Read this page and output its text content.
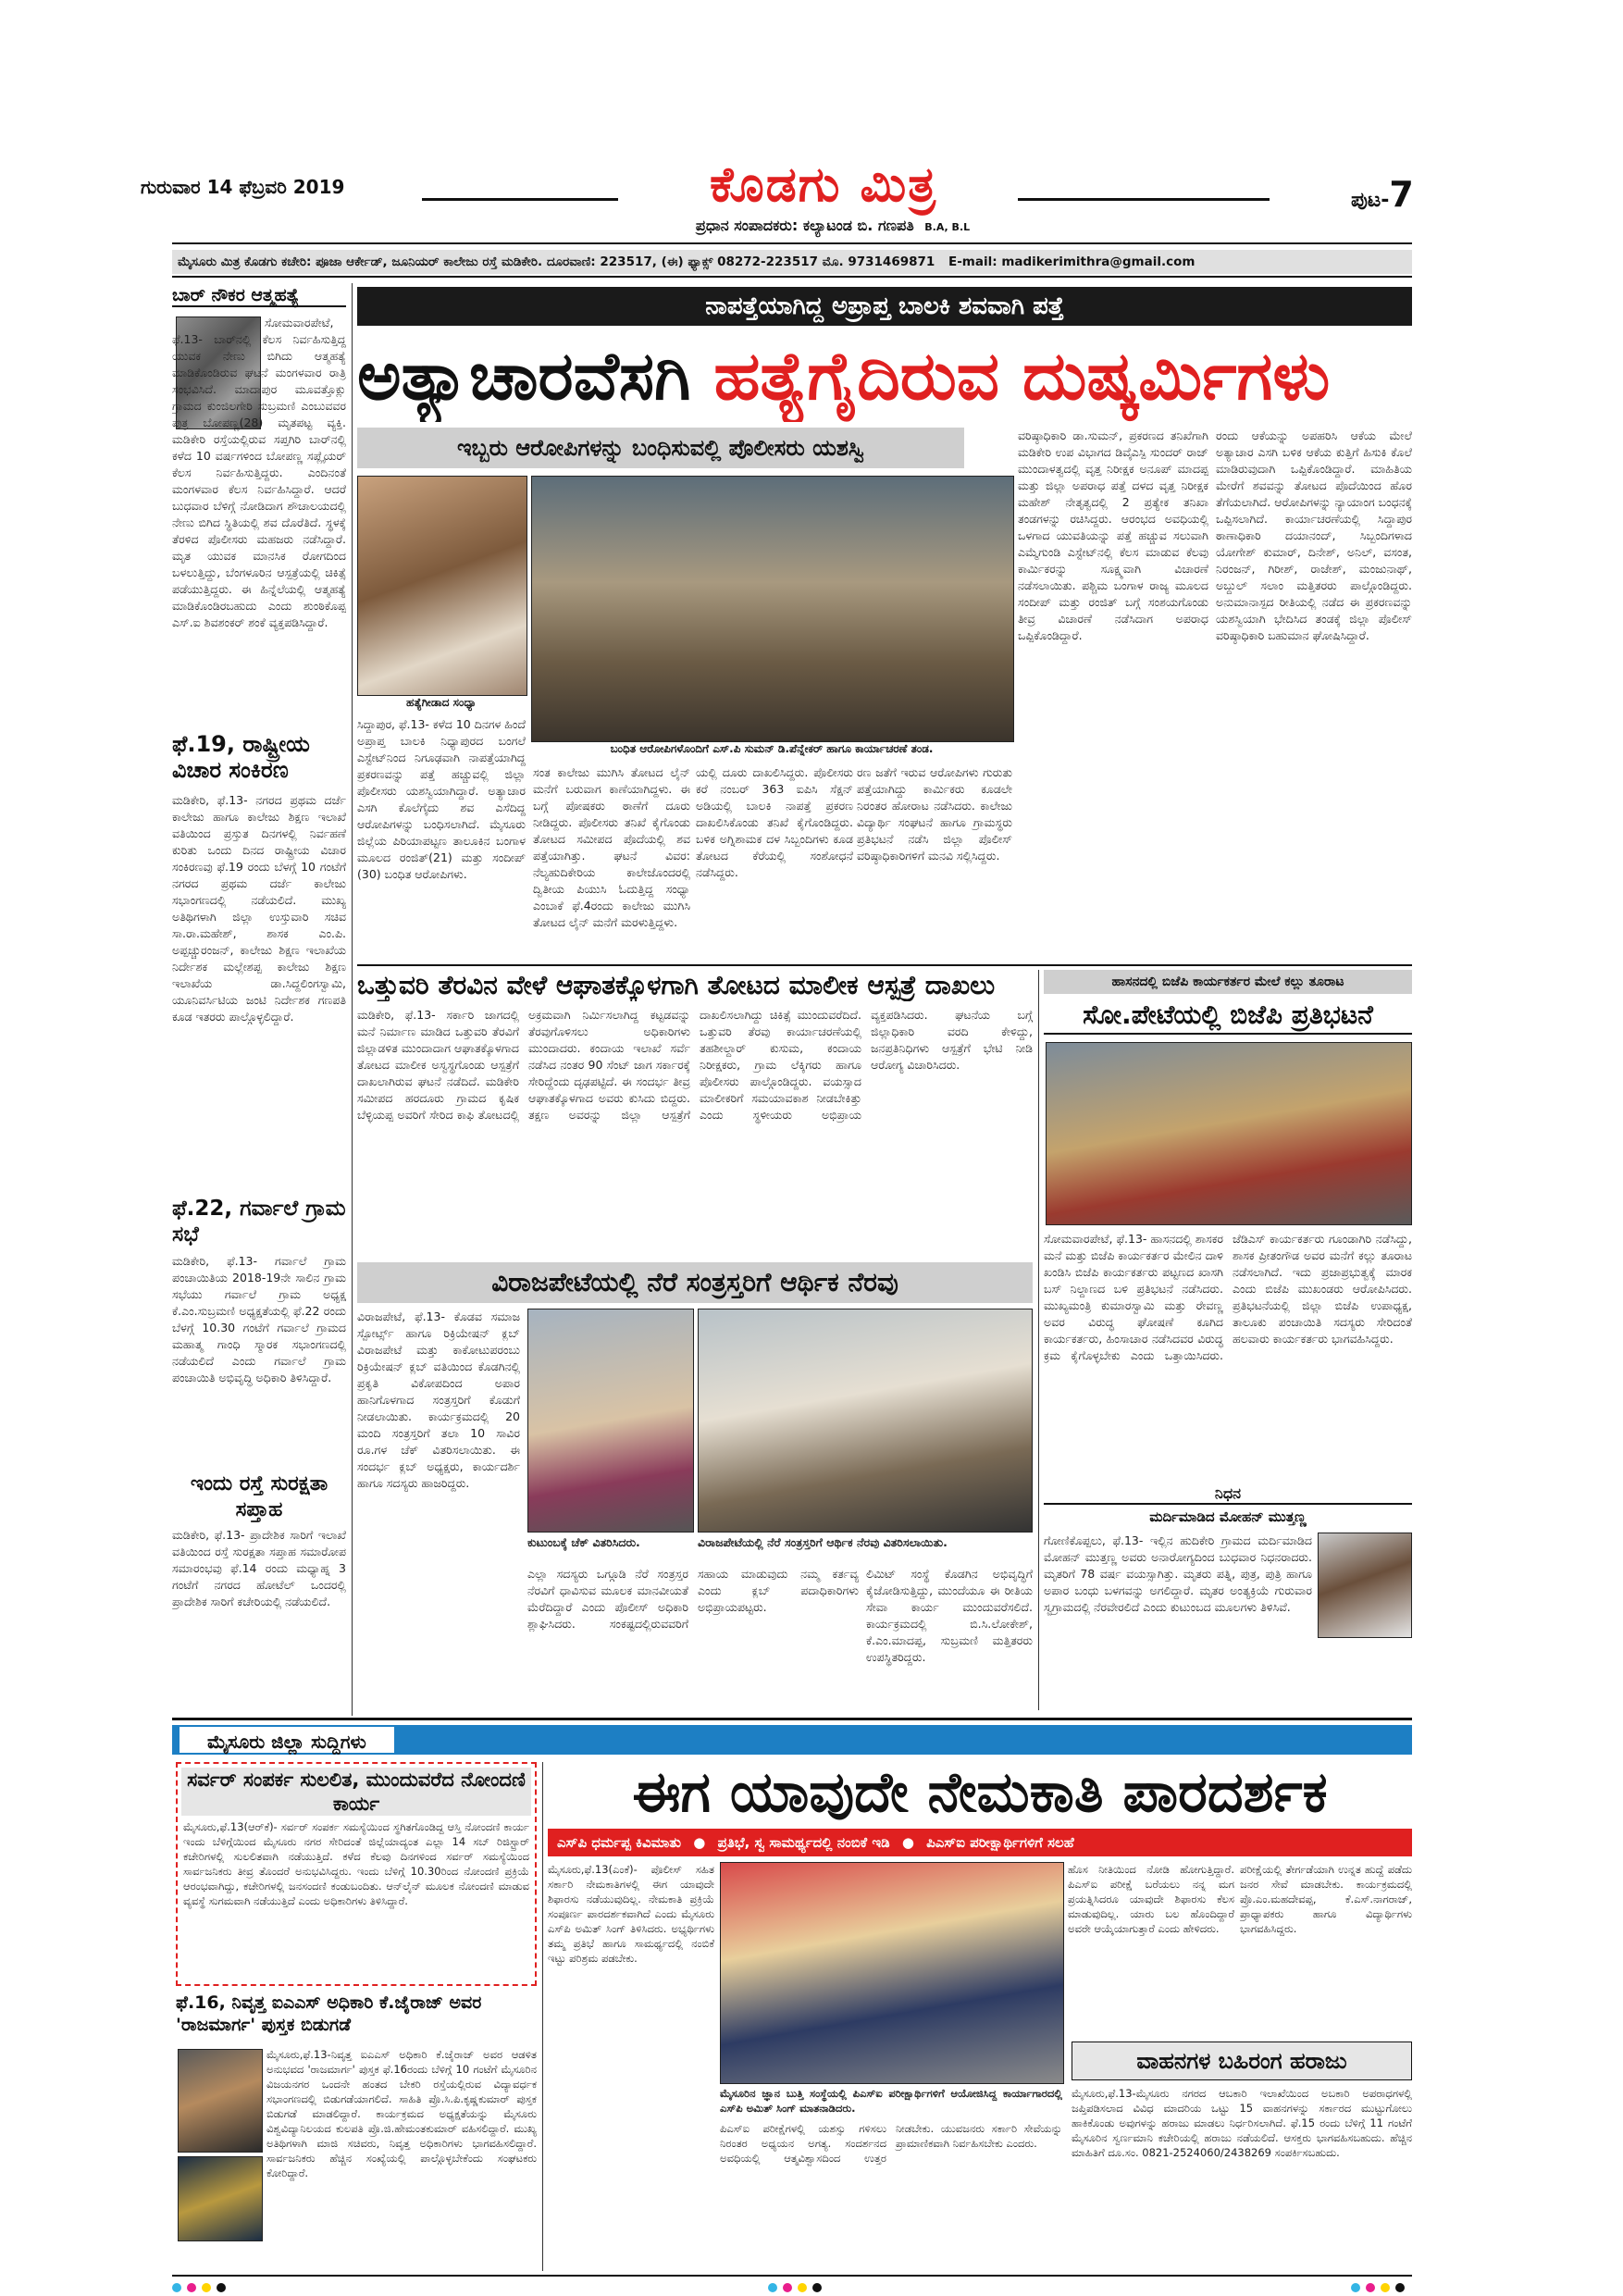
ಗುರುವಾರ 14 ಫೆಬ್ರವರಿ 2019	ಕೊಡಗು ಮಿತ್ರ
ಪ್ರಧಾನ ಸಂಪಾದಕರು: ಕಲ್ಯಾಟಂಡ ಬಿ. ಗಣಪತಿ B.A, B.L
ಪುಟ-7
ಮೈಸೂರು ಮಿತ್ರ ಕೊಡಗು ಕಚೇರಿ: ಪೂಜಾ ಆರ್ಕೇಡ್, ಜೂನಿಯರ್ ಕಾಲೇಜು ರಸ್ತೆ ಮಡಿಕೇರಿ. ದೂರವಾಣಿ: 223517, (ಈ) ಫ್ಯಾಕ್ಸ್ 08272-223517 ಮೊ. 9731469871 E-mail: madikerimithra@gmail.com
ಬಾರ್ ನೌಕರ ಆತ್ಮಹತ್ಯೆ
ಸೋಮವಾರಪೇಟೆ, ಫೆ.13- ಬಾರ್‌ನಲ್ಲಿ ಕೆಲಸ ನಿರ್ವಹಿಸುತ್ತಿದ್ದ ಯುವಕ ನೇಣು ಬಿಗಿದು ಆತ್ಮಹತ್ಯೆ ಮಾಡಿಕೊಂಡಿರುವ ಘಟನೆ ಮಂಗಳವಾರ ರಾತ್ರಿ ಸಂಭವಿಸಿದೆ. ಮಾದಾಪುರ ಮೂವತ್ತೊಕ್ಲು ಗ್ರಾಮದ ಕುಂಜಿಲಗೇರಿ ಸುಬ್ರಮಣಿ ಎಂಬುವವರ ಪುತ್ರ ಬೋಪಣ್ಣ(28) ಮೃತಪಟ್ಟ ವ್ಯಕ್ತಿ. ಮಡಿಕೇರಿ ರಸ್ತೆಯಲ್ಲಿರುವ ಸಪ್ತಗಿರಿ ಬಾರ್‌ನಲ್ಲಿ ಕಳೆದ 10 ವರ್ಷಗಳಿಂದ ಬೋಪಣ್ಣ ಸಪ್ಲೈಯರ್ ಕೆಲಸ ನಿರ್ವಹಿಸುತ್ತಿದ್ದರು. ಎಂದಿನಂತೆ ಮಂಗಳವಾರ ಕೆಲಸ ನಿರ್ವಹಿಸಿದ್ದಾರೆ. ಆದರೆ ಬುಧವಾರ ಬೆಳಿಗ್ಗೆ ನೋಡಿದಾಗ ಶೌಚಾಲಯದಲ್ಲಿ ನೇಣು ಬಿಗಿದ ಸ್ಥಿತಿಯಲ್ಲಿ ಶವ ದೊರೆತಿದೆ. ಸ್ಥಳಕ್ಕೆ ತೆರಳಿದ ಪೊಲೀಸರು ಮಹಜರು ನಡೆಸಿದ್ದಾರೆ. ಮೃತ ಯುವಕ ಮಾನಸಿಕ ರೋಗದಿಂದ ಬಳಲುತ್ತಿದ್ದು, ಬೆಂಗಳೂರಿನ ಆಸ್ಪತ್ರೆಯಲ್ಲಿ ಚಿಕಿತ್ಸೆ ಪಡೆಯುತ್ತಿದ್ದರು. ಈ ಹಿನ್ನೆಲೆಯಲ್ಲಿ ಆತ್ಮಹತ್ಯೆ ಮಾಡಿಕೊಂಡಿರಬಹುದು ಎಂದು ಶುಂಠಿಕೊಪ್ಪ ಎಸ್.ಐ ಶಿವಶಂಕರ್ ಶಂಕೆ ವ್ಯಕ್ತಪಡಿಸಿದ್ದಾರೆ.
ಫೆ.19, ರಾಷ್ಟ್ರೀಯ ವಿಚಾರ ಸಂಕಿರಣ
ಮಡಿಕೇರಿ, ಫೆ.13- ನಗರದ ಪ್ರಥಮ ದರ್ಜೆ ಕಾಲೇಜು ಹಾಗೂ ಕಾಲೇಜು ಶಿಕ್ಷಣ ಇಲಾಖೆ ವತಿಯಿಂದ ಪ್ರಸ್ತುತ ದಿನಗಳಲ್ಲಿ ನಿರ್ವಹಣೆ ಕುರಿತು ಒಂದು ದಿನದ ರಾಷ್ಟ್ರೀಯ ವಿಚಾರ ಸಂಕಿರಣವು ಫೆ.19 ರಂದು ಬೆಳಗ್ಗೆ 10 ಗಂಟೆಗೆ ನಗರದ ಪ್ರಥಮ ದರ್ಜೆ ಕಾಲೇಜು ಸಭಾಂಗಣದಲ್ಲಿ ನಡೆಯಲಿದೆ. ಮುಖ್ಯ ಅತಿಥಿಗಳಾಗಿ ಜಿಲ್ಲಾ ಉಸ್ತುವಾರಿ ಸಚಿವ ಸಾ.ರಾ.ಮಹೇಶ್, ಶಾಸಕ ಎಂ.ಪಿ. ಅಪ್ಪಚ್ಚುರಂಜನ್, ಕಾಲೇಜು ಶಿಕ್ಷಣ ಇಲಾಖೆಯ ನಿರ್ದೇಶಕ ಮಲ್ಲೇಶಪ್ಪ ಕಾಲೇಜು ಶಿಕ್ಷಣ ಇಲಾಖೆಯ ಡಾ.ಸಿದ್ದಲಿಂಗಸ್ವಾಮಿ, ಯೂನಿವರ್ಸಿಟಿಯ ಜಂಟಿ ನಿರ್ದೇಶಕ ಗಣಪತಿ ಕೂಡ ಇತರರು ಪಾಲ್ಗೊಳ್ಳಲಿದ್ದಾರೆ.
ಫೆ.22, ಗರ್ವಾಲೆ ಗ್ರಾಮ ಸಭೆ
ಮಡಿಕೇರಿ, ಫೆ.13- ಗರ್ವಾಲೆ ಗ್ರಾಮ ಪಂಚಾಯಿತಿಯ 2018-19ನೇ ಸಾಲಿನ ಗ್ರಾಮ ಸಭೆಯು ಗರ್ವಾಲೆ ಗ್ರಾಮ ಅಧ್ಯಕ್ಷ ಕೆ.ಎಂ.ಸುಬ್ರಮಣಿ ಅಧ್ಯಕ್ಷತೆಯಲ್ಲಿ ಫೆ.22 ರಂದು ಬೆಳಗ್ಗೆ 10.30 ಗಂಟೆಗೆ ಗರ್ವಾಲೆ ಗ್ರಾಮದ ಮಹಾತ್ಮ ಗಾಂಧಿ ಸ್ಮಾರಕ ಸಭಾಂಗಣದಲ್ಲಿ ನಡೆಯಲಿದೆ ಎಂದು ಗರ್ವಾಲೆ ಗ್ರಾಮ ಪಂಚಾಯಿತಿ ಅಭಿವೃದ್ಧಿ ಅಧಿಕಾರಿ ತಿಳಿಸಿದ್ದಾರೆ.
ಇಂದು ರಸ್ತೆ ಸುರಕ್ಷತಾ ಸಪ್ತಾಹ
ಮಡಿಕೇರಿ, ಫೆ.13- ಪ್ರಾದೇಶಿಕ ಸಾರಿಗೆ ಇಲಾಖೆ ವತಿಯಿಂದ ರಸ್ತೆ ಸುರಕ್ಷತಾ ಸಪ್ತಾಹ ಸಮಾರೋಪ ಸಮಾರಂಭವು ಫೆ.14 ರಂದು ಮಧ್ಯಾಹ್ನ 3 ಗಂಟೆಗೆ ನಗರದ ಹೋಟೆಲ್ ಒಂದರಲ್ಲಿ ಪ್ರಾದೇಶಿಕ ಸಾರಿಗೆ ಕಚೇರಿಯಲ್ಲಿ ನಡೆಯಲಿದೆ.
ನಾಪತ್ತೆಯಾಗಿದ್ದ ಅಪ್ರಾಪ್ತ ಬಾಲಕಿ ಶವವಾಗಿ ಪತ್ತೆ
ಅತ್ಯಾಚಾರವೆಸಗಿ ಹತ್ಯೆಗೈದಿರುವ ದುಷ್ಕರ್ಮಿಗಳು
ಇಬ್ಬರು ಆರೋಪಿಗಳನ್ನು ಬಂಧಿಸುವಲ್ಲಿ ಪೊಲೀಸರು ಯಶಸ್ವಿ
ಹತ್ಯೆಗೀಡಾದ ಸಂಧ್ಯಾ
ಬಂಧಿತ ಆರೋಪಿಗಳೊಂದಿಗೆ ಎಸ್.ಪಿ ಸುಮನ್ ಡಿ.ಪೆನ್ನೇಕರ್ ಹಾಗೂ ಕಾರ್ಯಾಚರಣೆ ತಂಡ.
ಸಿದ್ದಾಪುರ, ಫೆ.13- ಕಳೆದ 10 ದಿನಗಳ ಹಿಂದೆ ಅಪ್ರಾಪ್ತ ಬಾಲಕಿ ನಿಧ್ಯಾಪುರದ ಬಂಗಲೆ ಎಸ್ಟೇಟ್‌ನಿಂದ ನಿಗೂಢವಾಗಿ ನಾಪತ್ತೆಯಾಗಿದ್ದ ಪ್ರಕರಣವನ್ನು ಪತ್ತೆ ಹಚ್ಚುವಲ್ಲಿ ಜಿಲ್ಲಾ ಪೊಲೀಸರು ಯಶಸ್ವಿಯಾಗಿದ್ದಾರೆ. ಅತ್ಯಾಚಾರ ಎಸಗಿ ಕೊಲೆಗೈದು ಶವ ಎಸೆದಿದ್ದ ಆರೋಪಿಗಳನ್ನು ಬಂಧಿಸಲಾಗಿದೆ. ಮೈಸೂರು ಜಿಲ್ಲೆಯ ಪಿರಿಯಾಪಟ್ಟಣ ತಾಲೂಕಿನ ಬಂಗಾಳ ಮೂಲದ ರಂಜಿತ್(21) ಮತ್ತು ಸಂದೀಪ್ (30) ಬಂಧಿತ ಆರೋಪಿಗಳು.
ಸಂತ ಕಾಲೇಜು ಮುಗಿಸಿ ತೋಟದ ಲೈನ್ ಮನೆಗೆ ಬರುವಾಗ ಕಾಣೆಯಾಗಿದ್ದಳು. ಈ ಬಗ್ಗೆ ಪೋಷಕರು ಠಾಣೆಗೆ ದೂರು ನೀಡಿದ್ದರು. ಪೊಲೀಸರು ತನಿಖೆ ಕೈಗೊಂಡು ತೋಟದ ಸಮೀಪದ ಪೊದೆಯಲ್ಲಿ ಶವ ಪತ್ತೆಯಾಗಿತ್ತು. ಘಟನೆ ವಿವರ: ನೆಲ್ಯಹುದಿಕೇರಿಯ ಕಾಲೇಜೊಂದರಲ್ಲಿ ದ್ವಿತೀಯ ಪಿಯುಸಿ ಓದುತ್ತಿದ್ದ ಸಂಧ್ಯಾ ಎಂಬಾಕೆ ಫೆ.4ರಂದು ಕಾಲೇಜು ಮುಗಿಸಿ ತೋಟದ ಲೈನ್ ಮನೆಗೆ ಮರಳುತ್ತಿದ್ದಳು.
ಯಲ್ಲಿ ದೂರು ದಾಖಲಿಸಿದ್ದರು. ಪೊಲೀಸರು ಕರೆ ನಂಬರ್ 363 ಐಪಿಸಿ ಸೆಕ್ಷನ್ ಅಡಿಯಲ್ಲಿ ಬಾಲಕಿ ನಾಪತ್ತೆ ಪ್ರಕರಣ ದಾಖಲಿಸಿಕೊಂಡು ತನಿಖೆ ಕೈಗೊಂಡಿದ್ದರು. ಬಳಿಕ ಅಗ್ನಿಶಾಮಕ ದಳ ಸಿಬ್ಬಂದಿಗಳು ಕೂಡ ತೋಟದ ಕೆರೆಯಲ್ಲಿ ಸಂಶೋಧನೆ ನಡೆಸಿದ್ದರು.
ರಣ ಜತೆಗೆ ಇರುವ ಆರೋಪಿಗಳು ಗುರುತು ಪತ್ತೆಯಾಗಿದ್ದು ಕಾರ್ಮಿಕರು ಕೂಡಲೇ ನಿರಂತರ ಹೋರಾಟ ನಡೆಸಿದರು. ಕಾಲೇಜು ವಿದ್ಯಾರ್ಥಿ ಸಂಘಟನೆ ಹಾಗೂ ಗ್ರಾಮಸ್ಥರು ಪ್ರತಿಭಟನೆ ನಡೆಸಿ ಜಿಲ್ಲಾ ಪೊಲೀಸ್ ವರಿಷ್ಠಾಧಿಕಾರಿಗಳಿಗೆ ಮನವಿ ಸಲ್ಲಿಸಿದ್ದರು.
ವರಿಷ್ಠಾಧಿಕಾರಿ ಡಾ.ಸುಮನ್, ಪ್ರಕರಣದ ತನಿಖೆಗಾಗಿ ಮಡಿಕೇರಿ ಉಪ ವಿಭಾಗದ ಡಿವೈಎಸ್ಪಿ ಸುಂದರ್ ರಾಜ್ ಮುಂದಾಳತ್ವದಲ್ಲಿ ವೃತ್ತ ನಿರೀಕ್ಷಕ ಅನೂಪ್ ಮಾದಪ್ಪ ಮತ್ತು ಜಿಲ್ಲಾ ಅಪರಾಧ ಪತ್ತೆ ದಳದ ವೃತ್ತ ನಿರೀಕ್ಷಕ ಮಹೇಶ್ ನೇತೃತ್ವದಲ್ಲಿ 2 ಪ್ರತ್ಯೇಕ ತನಿಖಾ ತಂಡಗಳನ್ನು ರಚಿಸಿದ್ದರು. ಆರಂಭದ ಅವಧಿಯಲ್ಲಿ ಒಳಗಾದ ಯುವತಿಯನ್ನು ಪತ್ತೆ ಹಚ್ಚುವ ಸಲುವಾಗಿ ಎಮ್ಮೆಗುಂಡಿ ಎಸ್ಟೇಟ್‌ನಲ್ಲಿ ಕೆಲಸ ಮಾಡುವ ಕೆಲವು ಕಾರ್ಮಿಕರನ್ನು ಸೂಕ್ಷ್ಮವಾಗಿ ವಿಚಾರಣೆ ನಡೆಸಲಾಯಿತು. ಪಶ್ಚಿಮ ಬಂಗಾಳ ರಾಜ್ಯ ಮೂಲದ ಸಂದೀಪ್ ಮತ್ತು ರಂಜಿತ್ ಬಗ್ಗೆ ಸಂಶಯಗೊಂಡು ತೀವ್ರ ವಿಚಾರಣೆ ನಡೆಸಿದಾಗ ಅಪರಾಧ ಒಪ್ಪಿಕೊಂಡಿದ್ದಾರೆ.
ರಂದು ಆಕೆಯನ್ನು ಅಪಹರಿಸಿ ಆಕೆಯ ಮೇಲೆ ಅತ್ಯಾಚಾರ ಎಸಗಿ ಬಳಿಕ ಆಕೆಯ ಕುತ್ತಿಗೆ ಹಿಸುಕಿ ಕೊಲೆ ಮಾಡಿರುವುದಾಗಿ ಒಪ್ಪಿಕೊಂಡಿದ್ದಾರೆ. ಮಾಹಿತಿಯ ಮೇರೆಗೆ ಶವವನ್ನು ತೋಟದ ಪೊದೆಯಿಂದ ಹೊರ ತೆಗೆಯಲಾಗಿದೆ. ಆರೋಪಿಗಳನ್ನು ನ್ಯಾಯಾಂಗ ಬಂಧನಕ್ಕೆ ಒಪ್ಪಿಸಲಾಗಿದೆ. ಕಾರ್ಯಾಚರಣೆಯಲ್ಲಿ ಸಿದ್ದಾಪುರ ಠಾಣಾಧಿಕಾರಿ ದಯಾನಂದ್, ಸಿಬ್ಬಂದಿಗಳಾದ ಯೋಗೇಶ್ ಕುಮಾರ್, ದಿನೇಶ್, ಅನಿಲ್, ವಸಂತ, ನಿರಂಜನ್, ಗಿರೀಶ್, ರಾಜೇಶ್, ಮಂಜುನಾಥ್, ಅಬ್ದುಲ್ ಸಲಾಂ ಮತ್ತಿತರರು ಪಾಲ್ಗೊಂಡಿದ್ದರು. ಅನುಮಾನಾಸ್ಪದ ರೀತಿಯಲ್ಲಿ ನಡೆದ ಈ ಪ್ರಕರಣವನ್ನು ಯಶಸ್ವಿಯಾಗಿ ಭೇದಿಸಿದ ತಂಡಕ್ಕೆ ಜಿಲ್ಲಾ ಪೊಲೀಸ್ ವರಿಷ್ಠಾಧಿಕಾರಿ ಬಹುಮಾನ ಘೋಷಿಸಿದ್ದಾರೆ.
ಒತ್ತುವರಿ ತೆರವಿನ ವೇಳೆ ಆಘಾತಕ್ಕೊಳಗಾಗಿ ತೋಟದ ಮಾಲೀಕ ಆಸ್ಪತ್ರೆ ದಾಖಲು
ಮಡಿಕೇರಿ, ಫೆ.13- ಸರ್ಕಾರಿ ಜಾಗದಲ್ಲಿ ಮನೆ ನಿರ್ಮಾಣ ಮಾಡಿದ ಒತ್ತುವರಿ ತೆರವಿಗೆ ಜಿಲ್ಲಾಡಳಿತ ಮುಂದಾದಾಗ ಆಘಾತಕ್ಕೊಳಗಾದ ತೋಟದ ಮಾಲೀಕ ಅಸ್ವಸ್ಥಗೊಂಡು ಆಸ್ಪತ್ರೆಗೆ ದಾಖಲಾಗಿರುವ ಘಟನೆ ನಡೆದಿದೆ. ಮಡಿಕೇರಿ ಸಮೀಪದ ಹರದೂರು ಗ್ರಾಮದ ಕೃಷಿಕ ಬೆಳ್ಳಿಯಪ್ಪ ಅವರಿಗೆ ಸೇರಿದ ಕಾಫಿ ತೋಟದಲ್ಲಿ ಅಕ್ರಮವಾಗಿ ನಿರ್ಮಿಸಲಾಗಿದ್ದ ಕಟ್ಟಡವನ್ನು ತೆರವುಗೊಳಿಸಲು ಅಧಿಕಾರಿಗಳು ಮುಂದಾದರು. ಕಂದಾಯ ಇಲಾಖೆ ಸರ್ವೆ ನಡೆಸಿದ ನಂತರ 90 ಸೆಂಟ್ ಜಾಗ ಸರ್ಕಾರಕ್ಕೆ ಸೇರಿದ್ದೆಂದು ದೃಢಪಟ್ಟಿದೆ. ಈ ಸಂದರ್ಭ ತೀವ್ರ ಆಘಾತಕ್ಕೊಳಗಾದ ಅವರು ಕುಸಿದು ಬಿದ್ದರು. ತಕ್ಷಣ ಅವರನ್ನು ಜಿಲ್ಲಾ ಆಸ್ಪತ್ರೆಗೆ ದಾಖಲಿಸಲಾಗಿದ್ದು ಚಿಕಿತ್ಸೆ ಮುಂದುವರೆದಿದೆ. ಒತ್ತುವರಿ ತೆರವು ಕಾರ್ಯಾಚರಣೆಯಲ್ಲಿ ತಹಶೀಲ್ದಾರ್ ಕುಸುಮ, ಕಂದಾಯ ನಿರೀಕ್ಷಕರು, ಗ್ರಾಮ ಲೆಕ್ಕಿಗರು ಹಾಗೂ ಪೊಲೀಸರು ಪಾಲ್ಗೊಂಡಿದ್ದರು. ವಯಸ್ಸಾದ ಮಾಲೀಕರಿಗೆ ಸಮಯಾವಕಾಶ ನೀಡಬೇಕಿತ್ತು ಎಂದು ಸ್ಥಳೀಯರು ಅಭಿಪ್ರಾಯ ವ್ಯಕ್ತಪಡಿಸಿದರು. ಘಟನೆಯ ಬಗ್ಗೆ ಜಿಲ್ಲಾಧಿಕಾರಿ ವರದಿ ಕೇಳಿದ್ದು, ಜನಪ್ರತಿನಿಧಿಗಳು ಆಸ್ಪತ್ರೆಗೆ ಭೇಟಿ ನೀಡಿ ಆರೋಗ್ಯ ವಿಚಾರಿಸಿದರು.
ಹಾಸನದಲ್ಲಿ ಬಿಜೆಪಿ ಕಾರ್ಯಕರ್ತರ ಮೇಲೆ ಕಲ್ಲು ತೂರಾಟ
ಸೋ.ಪೇಟೆಯಲ್ಲಿ ಬಿಜೆಪಿ ಪ್ರತಿಭಟನೆ
ಸೋಮವಾರಪೇಟೆ, ಫೆ.13- ಹಾಸನದಲ್ಲಿ ಶಾಸಕರ ಮನೆ ಮತ್ತು ಬಿಜೆಪಿ ಕಾರ್ಯಕರ್ತರ ಮೇಲಿನ ದಾಳಿ ಖಂಡಿಸಿ ಬಿಜೆಪಿ ಕಾರ್ಯಕರ್ತರು ಪಟ್ಟಣದ ಖಾಸಗಿ ಬಸ್ ನಿಲ್ದಾಣದ ಬಳಿ ಪ್ರತಿಭಟನೆ ನಡೆಸಿದರು. ಮುಖ್ಯಮಂತ್ರಿ ಕುಮಾರಸ್ವಾಮಿ ಮತ್ತು ರೇವಣ್ಣ ಅವರ ವಿರುದ್ಧ ಘೋಷಣೆ ಕೂಗಿದ ಕಾರ್ಯಕರ್ತರು, ಹಿಂಸಾಚಾರ ನಡೆಸಿದವರ ವಿರುದ್ಧ ಕ್ರಮ ಕೈಗೊಳ್ಳಬೇಕು ಎಂದು ಒತ್ತಾಯಿಸಿದರು. ಜೆಡಿಎಸ್ ಕಾರ್ಯಕರ್ತರು ಗೂಂಡಾಗಿರಿ ನಡೆಸಿದ್ದು, ಶಾಸಕ ಪ್ರೀತಂಗೌಡ ಅವರ ಮನೆಗೆ ಕಲ್ಲು ತೂರಾಟ ನಡೆಸಲಾಗಿದೆ. ಇದು ಪ್ರಜಾಪ್ರಭುತ್ವಕ್ಕೆ ಮಾರಕ ಎಂದು ಬಿಜೆಪಿ ಮುಖಂಡರು ಆರೋಪಿಸಿದರು. ಪ್ರತಿಭಟನೆಯಲ್ಲಿ ಜಿಲ್ಲಾ ಬಿಜೆಪಿ ಉಪಾಧ್ಯಕ್ಷ, ತಾಲೂಕು ಪಂಚಾಯಿತಿ ಸದಸ್ಯರು ಸೇರಿದಂತೆ ಹಲವಾರು ಕಾರ್ಯಕರ್ತರು ಭಾಗವಹಿಸಿದ್ದರು.
ವಿರಾಜಪೇಟೆಯಲ್ಲಿ ನೆರೆ ಸಂತ್ರಸ್ತರಿಗೆ ಆರ್ಥಿಕ ನೆರವು
ವಿರಾಜಪೇಟೆ, ಫೆ.13- ಕೊಡವ ಸಮಾಜ ಸ್ಪೋರ್ಟ್ಸ್ ಹಾಗೂ ರಿಕ್ರಿಯೇಷನ್ ಕ್ಲಬ್ ವಿರಾಜಪೇಟೆ ಮತ್ತು ಕಾಕೋಟುಪರಂಬು ರಿಕ್ರಿಯೇಷನ್ ಕ್ಲಬ್ ವತಿಯಿಂದ ಕೊಡಗಿನಲ್ಲಿ ಪ್ರಕೃತಿ ವಿಕೋಪದಿಂದ ಅಪಾರ ಹಾನಿಗೊಳಗಾದ ಸಂತ್ರಸ್ತರಿಗೆ ಕೊಡುಗೆ ನೀಡಲಾಯಿತು. ಕಾರ್ಯಕ್ರಮದಲ್ಲಿ 20 ಮಂದಿ ಸಂತ್ರಸ್ತರಿಗೆ ತಲಾ 10 ಸಾವಿರ ರೂ.ಗಳ ಚೆಕ್ ವಿತರಿಸಲಾಯಿತು. ಈ ಸಂದರ್ಭ ಕ್ಲಬ್ ಅಧ್ಯಕ್ಷರು, ಕಾರ್ಯದರ್ಶಿ ಹಾಗೂ ಸದಸ್ಯರು ಹಾಜರಿದ್ದರು.
ಕುಟುಂಬಕ್ಕೆ ಚೆಕ್ ವಿತರಿಸಿದರು.	ವಿರಾಜಪೇಟೆಯಲ್ಲಿ ನೆರೆ ಸಂತ್ರಸ್ತರಿಗೆ ಆರ್ಥಿಕ ನೆರವು ವಿತರಿಸಲಾಯಿತು.
ಎಲ್ಲಾ ಸದಸ್ಯರು ಒಗ್ಗೂಡಿ ನೆರೆ ಸಂತ್ರಸ್ತರ ನೆರವಿಗೆ ಧಾವಿಸುವ ಮೂಲಕ ಮಾನವೀಯತೆ ಮೆರೆದಿದ್ದಾರೆ ಎಂದು ಪೊಲೀಸ್ ಅಧಿಕಾರಿ ಶ್ಲಾಘಿಸಿದರು. ಸಂಕಷ್ಟದಲ್ಲಿರುವವರಿಗೆ ಸಹಾಯ ಮಾಡುವುದು ನಮ್ಮ ಕರ್ತವ್ಯ ಎಂದು ಕ್ಲಬ್ ಪದಾಧಿಕಾರಿಗಳು ಅಭಿಪ್ರಾಯಪಟ್ಟರು.
ಲಿಮಿಟ್ ಸಂಸ್ಥೆ ಕೊಡಗಿನ ಅಭಿವೃದ್ಧಿಗೆ ಕೈಜೋಡಿಸುತ್ತಿದ್ದು, ಮುಂದೆಯೂ ಈ ರೀತಿಯ ಸೇವಾ ಕಾರ್ಯ ಮುಂದುವರೆಸಲಿದೆ. ಕಾರ್ಯಕ್ರಮದಲ್ಲಿ ಬಿ.ಸಿ.ಲೋಕೇಶ್, ಕೆ.ಎಂ.ಮಾದಪ್ಪ, ಸುಬ್ರಮಣಿ ಮತ್ತಿತರರು ಉಪಸ್ಥಿತರಿದ್ದರು.
ನಿಧನ
ಮರ್ದಿಮಾಡಿದ ಮೋಹನ್ ಮುತ್ತಣ್ಣ
ಗೋಣಿಕೊಪ್ಪಲು, ಫೆ.13- ಇಲ್ಲಿನ ಹುದಿಕೇರಿ ಗ್ರಾಮದ ಮರ್ದಿಮಾಡಿದ ಮೋಹನ್ ಮುತ್ತಣ್ಣ ಅವರು ಅನಾರೋಗ್ಯದಿಂದ ಬುಧವಾರ ನಿಧನರಾದರು. ಮೃತರಿಗೆ 78 ವರ್ಷ ವಯಸ್ಸಾಗಿತ್ತು. ಮೃತರು ಪತ್ನಿ, ಪುತ್ರ, ಪುತ್ರಿ ಹಾಗೂ ಅಪಾರ ಬಂಧು ಬಳಗವನ್ನು ಅಗಲಿದ್ದಾರೆ. ಮೃತರ ಅಂತ್ಯಕ್ರಿಯೆ ಗುರುವಾರ ಸ್ವಗ್ರಾಮದಲ್ಲಿ ನೆರವೇರಲಿದೆ ಎಂದು ಕುಟುಂಬದ ಮೂಲಗಳು ತಿಳಿಸಿವೆ.
ಮೈಸೂರು ಜಿಲ್ಲಾ ಸುದ್ದಿಗಳು
ಸರ್ವರ್ ಸಂಪರ್ಕ ಸುಲಲಿತ, ಮುಂದುವರೆದ ನೋಂದಣಿ ಕಾರ್ಯ
ಮೈಸೂರು,ಫೆ.13(ಆರ್‌ಕೆ)- ಸರ್ವರ್ ಸಂಪರ್ಕ ಸಮಸ್ಯೆಯಿಂದ ಸ್ಥಗಿತಗೊಂಡಿದ್ದ ಆಸ್ತಿ ನೋಂದಣಿ ಕಾರ್ಯ ಇಂದು ಬೆಳಿಗ್ಗೆಯಿಂದ ಮೈಸೂರು ನಗರ ಸೇರಿದಂತೆ ಜಿಲ್ಲೆಯಾದ್ಯಂತ ಎಲ್ಲಾ 14 ಸಬ್ ರಿಜಿಸ್ಟ್ರಾರ್ ಕಚೇರಿಗಳಲ್ಲಿ ಸುಲಲಿತವಾಗಿ ನಡೆಯುತ್ತಿದೆ. ಕಳೆದ ಕೆಲವು ದಿನಗಳಿಂದ ಸರ್ವರ್ ಸಮಸ್ಯೆಯಿಂದ ಸಾರ್ವಜನಿಕರು ತೀವ್ರ ತೊಂದರೆ ಅನುಭವಿಸಿದ್ದರು. ಇಂದು ಬೆಳಿಗ್ಗೆ 10.30ರಿಂದ ನೋಂದಣಿ ಪ್ರಕ್ರಿಯೆ ಆರಂಭವಾಗಿದ್ದು, ಕಚೇರಿಗಳಲ್ಲಿ ಜನಸಂದಣಿ ಕಂಡುಬಂದಿತು. ಆನ್‌ಲೈನ್ ಮೂಲಕ ನೋಂದಣಿ ಮಾಡುವ ವ್ಯವಸ್ಥೆ ಸುಗಮವಾಗಿ ನಡೆಯುತ್ತಿದೆ ಎಂದು ಅಧಿಕಾರಿಗಳು ತಿಳಿಸಿದ್ದಾರೆ.
ಫೆ.16, ನಿವೃತ್ತ ಐಎಎಸ್ ಅಧಿಕಾರಿ ಕೆ.ಜೈರಾಜ್ ಅವರ 'ರಾಜಮಾರ್ಗ' ಪುಸ್ತಕ ಬಿಡುಗಡೆ
ಮೈಸೂರು,ಫೆ.13-ನಿವೃತ್ತ ಐಎಎಸ್ ಅಧಿಕಾರಿ ಕೆ.ಜೈರಾಜ್ ಅವರ ಆಡಳಿತ ಅನುಭವದ 'ರಾಜಮಾರ್ಗ' ಪುಸ್ತಕ ಫೆ.16ರಂದು ಬೆಳಿಗ್ಗೆ 10 ಗಂಟೆಗೆ ಮೈಸೂರಿನ ವಿಜಯನಗರ ಒಂದನೇ ಹಂತದ ಬೇಕರಿ ರಸ್ತೆಯಲ್ಲಿರುವ ವಿದ್ಯಾವರ್ಧಕ ಸಭಾಂಗಣದಲ್ಲಿ ಬಿಡುಗಡೆಯಾಗಲಿದೆ. ಸಾಹಿತಿ ಪ್ರೊ.ಸಿ.ಪಿ.ಕೃಷ್ಣಕುಮಾರ್ ಪುಸ್ತಕ ಬಿಡುಗಡೆ ಮಾಡಲಿದ್ದಾರೆ. ಕಾರ್ಯಕ್ರಮದ ಅಧ್ಯಕ್ಷತೆಯನ್ನು ಮೈಸೂರು ವಿಶ್ವವಿದ್ಯಾನಿಲಯದ ಕುಲಪತಿ ಪ್ರೊ.ಜಿ.ಹೇಮಂತಕುಮಾರ್ ವಹಿಸಲಿದ್ದಾರೆ. ಮುಖ್ಯ ಅತಿಥಿಗಳಾಗಿ ಮಾಜಿ ಸಚಿವರು, ನಿವೃತ್ತ ಅಧಿಕಾರಿಗಳು ಭಾಗವಹಿಸಲಿದ್ದಾರೆ. ಸಾರ್ವಜನಿಕರು ಹೆಚ್ಚಿನ ಸಂಖ್ಯೆಯಲ್ಲಿ ಪಾಲ್ಗೊಳ್ಳಬೇಕೆಂದು ಸಂಘಟಕರು ಕೋರಿದ್ದಾರೆ.
ಈಗ ಯಾವುದೇ ನೇಮಕಾತಿ ಪಾರದರ್ಶಕ
ಎಸ್‌ಪಿ ಧರ್ಮಪ್ಪ ಕಿವಿಮಾತು ● ಪ್ರತಿಭೆ, ಸ್ವ ಸಾಮರ್ಥ್ಯದಲ್ಲಿ ನಂಬಿಕೆ ಇಡಿ ● ಪಿಎಸ್‌ಐ ಪರೀಕ್ಷಾರ್ಥಿಗಳಿಗೆ ಸಲಹೆ
ಮೈಸೂರು,ಫೆ.13(ಎಂಕೆ)- ಪೊಲೀಸ್ ಸಹಿತ ಸರ್ಕಾರಿ ನೇಮಕಾತಿಗಳಲ್ಲಿ ಈಗ ಯಾವುದೇ ಶಿಫಾರಸು ನಡೆಯುವುದಿಲ್ಲ. ನೇಮಕಾತಿ ಪ್ರಕ್ರಿಯೆ ಸಂಪೂರ್ಣ ಪಾರದರ್ಶಕವಾಗಿದೆ ಎಂದು ಮೈಸೂರು ಎಸ್‌ಪಿ ಅಮಿತ್ ಸಿಂಗ್ ತಿಳಿಸಿದರು. ಅಭ್ಯರ್ಥಿಗಳು ತಮ್ಮ ಪ್ರತಿಭೆ ಹಾಗೂ ಸಾಮರ್ಥ್ಯದಲ್ಲಿ ನಂಬಿಕೆ ಇಟ್ಟು ಪರಿಶ್ರಮ ಪಡಬೇಕು.
ಮೈಸೂರಿನ ಜ್ಞಾನ ಬುತ್ತಿ ಸಂಸ್ಥೆಯಲ್ಲಿ ಪಿಎಸ್‌ಐ ಪರೀಕ್ಷಾರ್ಥಿಗಳಿಗೆ ಆಯೋಜಿಸಿದ್ದ ಕಾರ್ಯಾಗಾರದಲ್ಲಿ ಎಸ್‌ಪಿ ಅಮಿತ್ ಸಿಂಗ್ ಮಾತನಾಡಿದರು.
ಪಿಎಸ್‌ಐ ಪರೀಕ್ಷೆಗಳಲ್ಲಿ ಯಶಸ್ಸು ಗಳಿಸಲು ನಿರಂತರ ಅಧ್ಯಯನ ಅಗತ್ಯ. ಸಂದರ್ಶನದ ಅವಧಿಯಲ್ಲಿ ಆತ್ಮವಿಶ್ವಾಸದಿಂದ ಉತ್ತರ ನೀಡಬೇಕು. ಯುವಜನರು ಸರ್ಕಾರಿ ಸೇವೆಯನ್ನು ಪ್ರಾಮಾಣಿಕವಾಗಿ ನಿರ್ವಹಿಸಬೇಕು ಎಂದರು.
ಹೊಸ ನೀತಿಯಿಂದ ನೋಡಿ ಹೋಗುತ್ತಿದ್ದಾರೆ. ಪಿಎಸ್‌ಐ ಪರೀಕ್ಷೆ ಬರೆಯಲು ನನ್ನ ಮಗ ಪ್ರಯತ್ನಿಸಿದರೂ ಯಾವುದೇ ಶಿಫಾರಸು ಕೆಲಸ ಮಾಡುವುದಿಲ್ಲ. ಯಾರು ಬಲ ಹೊಂದಿದ್ದಾರೆ ಅವರೇ ಆಯ್ಕೆಯಾಗುತ್ತಾರೆ ಎಂದು ಹೇಳಿದರು.
ಪರೀಕ್ಷೆಯಲ್ಲಿ ತೇರ್ಗಡೆಯಾಗಿ ಉನ್ನತ ಹುದ್ದೆ ಪಡೆದು ಜನರ ಸೇವೆ ಮಾಡಬೇಕು. ಕಾರ್ಯಕ್ರಮದಲ್ಲಿ ಪ್ರೊ.ಎಂ.ಮಹದೇವಪ್ಪ, ಕೆ.ಎಸ್.ನಾಗರಾಜ್, ಪ್ರಾಧ್ಯಾಪಕರು ಹಾಗೂ ವಿದ್ಯಾರ್ಥಿಗಳು ಭಾಗವಹಿಸಿದ್ದರು.
ವಾಹನಗಳ ಬಹಿರಂಗ ಹರಾಜು
ಮೈಸೂರು,ಫೆ.13-ಮೈಸೂರು ನಗರದ ಆಬಕಾರಿ ಇಲಾಖೆಯಿಂದ ಅಬಕಾರಿ ಅಪರಾಧಗಳಲ್ಲಿ ಜಪ್ತಿಪಡಿಸಲಾದ ವಿವಿಧ ಮಾದರಿಯ ಒಟ್ಟು 15 ವಾಹನಗಳನ್ನು ಸರ್ಕಾರದ ಮುಟ್ಟುಗೋಲು ಹಾಕಿಕೊಂಡು ಅವುಗಳನ್ನು ಹರಾಜು ಮಾಡಲು ನಿರ್ಧರಿಸಲಾಗಿದೆ. ಫೆ.15 ರಂದು ಬೆಳಿಗ್ಗೆ 11 ಗಂಟೆಗೆ ಮೈಸೂರಿನ ಸ್ವರ್ಣಮಾನಿ ಕಚೇರಿಯಲ್ಲಿ ಹರಾಜು ನಡೆಯಲಿದೆ. ಆಸಕ್ತರು ಭಾಗವಹಿಸಬಹುದು. ಹೆಚ್ಚಿನ ಮಾಹಿತಿಗೆ ದೂ.ಸಂ. 0821-2524060/2438269 ಸಂಪರ್ಕಿಸಬಹುದು.
